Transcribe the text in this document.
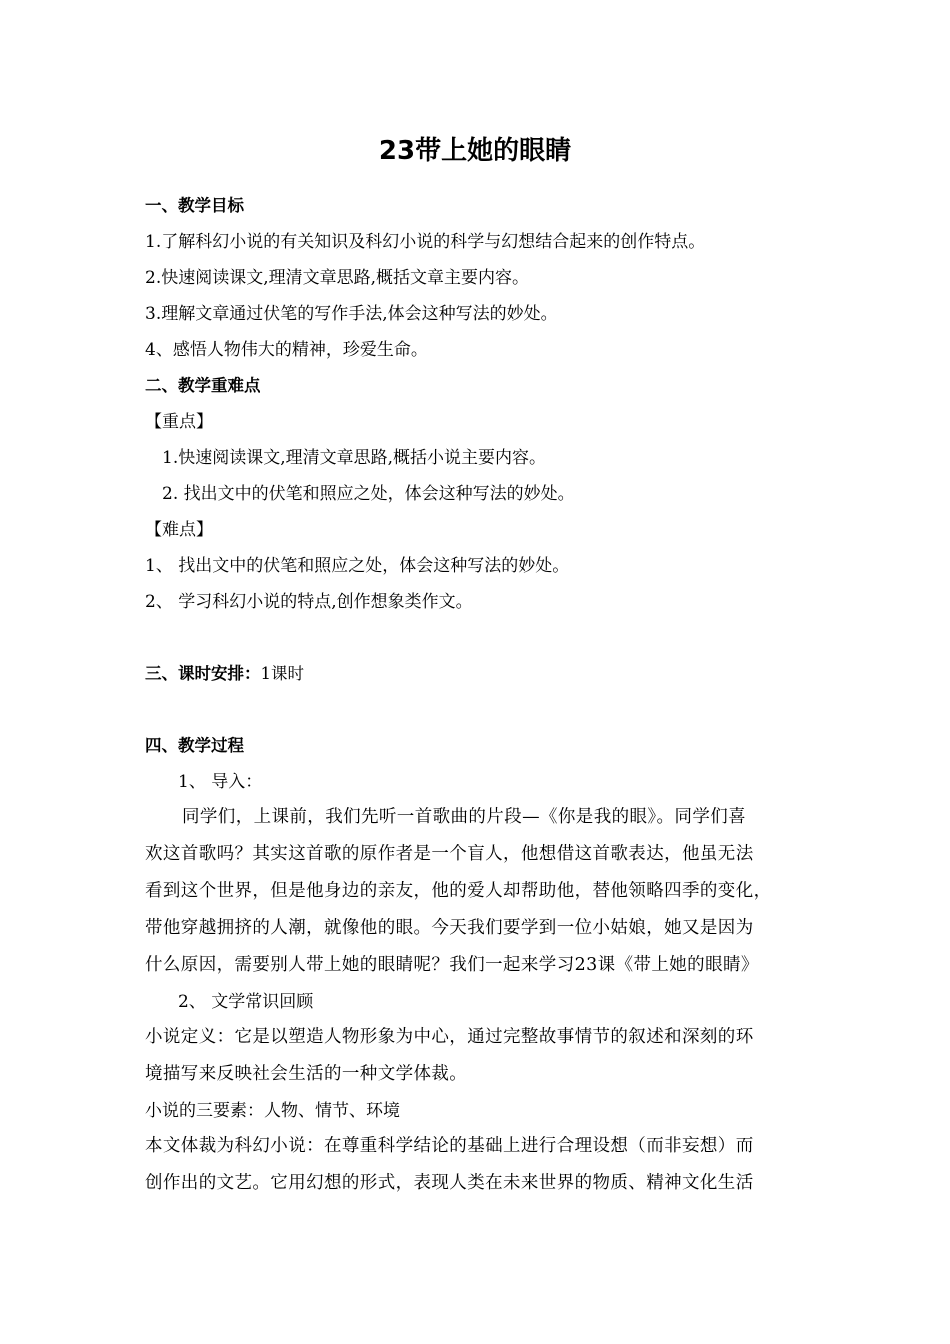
23带上她的眼睛
一、教学目标
1.了解科幻小说的有关知识及科幻小说的科学与幻想结合起来的创作特点。
2.快速阅读课文,理清文章思路,概括文章主要内容。
3.理解文章通过伏笔的写作手法,体会这种写法的妙处。
4、感悟人物伟大的精神，珍爱生命。
二、教学重难点
【重点】
1.快速阅读课文,理清文章思路,概括小说主要内容。
2. 找出文中的伏笔和照应之处，体会这种写法的妙处。
【难点】
1、 找出文中的伏笔和照应之处，体会这种写法的妙处。
2、 学习科幻小说的特点,创作想象类作文。
三、课时安排：1课时
四、教学过程
1、 导入：
同学们，上课前，我们先听一首歌曲的片段—《你是我的眼》。同学们喜
欢这首歌吗？其实这首歌的原作者是一个盲人，他想借这首歌表达，他虽无法
看到这个世界，但是他身边的亲友，他的爱人却帮助他，替他领略四季的变化，
带他穿越拥挤的人潮，就像他的眼。今天我们要学到一位小姑娘，她又是因为
什么原因，需要别人带上她的眼睛呢？我们一起来学习23课《带上她的眼睛》
2、 文学常识回顾
小说定义：它是以塑造人物形象为中心，通过完整故事情节的叙述和深刻的环
境描写来反映社会生活的一种文学体裁。
小说的三要素：人物、情节、环境
本文体裁为科幻小说：在尊重科学结论的基础上进行合理设想（而非妄想）而
创作出的文艺。它用幻想的形式，表现人类在未来世界的物质、精神文化生活
